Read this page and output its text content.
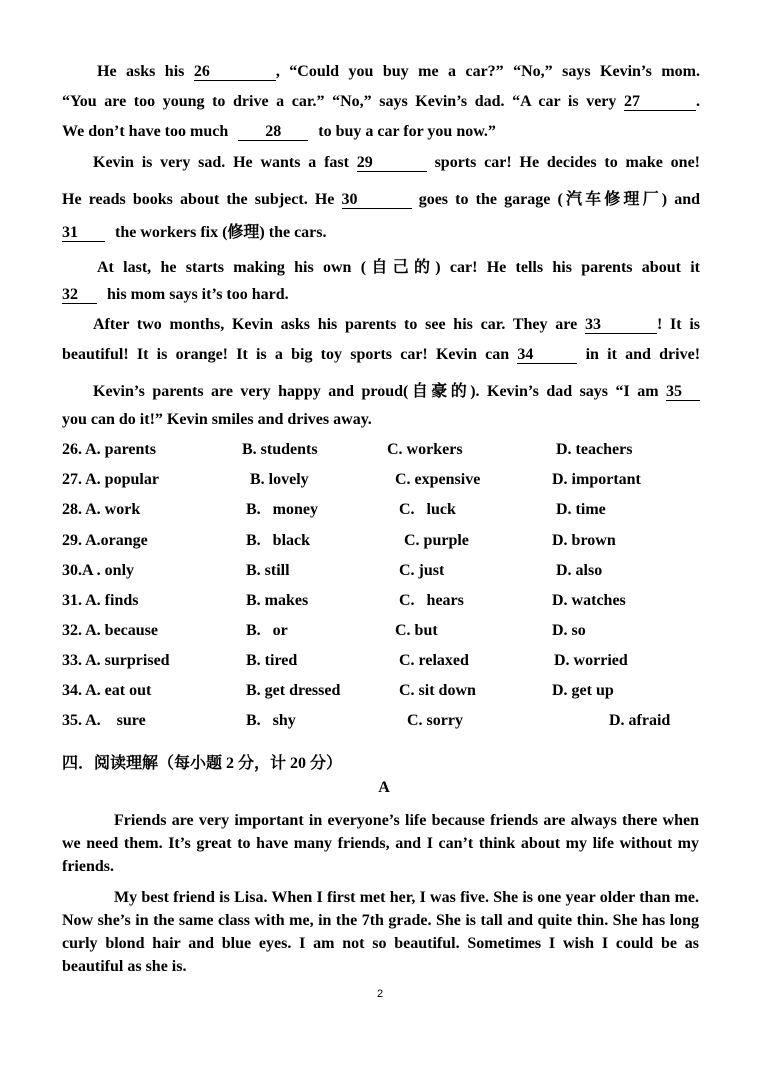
He asks his 26	, “Could you buy me a car?” “No,” says Kevin’s mom.
“You are too young to drive a car.” “No,” says Kevin’s dad. “A car is very 27	.
We don’t have too much 28 to buy a car for you now.”
Kevin is very sad. He wants a fast 29	sports car! He decides to make one!
He reads books about the subject. He 30	goes to the garage (汽车修理厂) and
31 the workers fix (修理) the cars.
At last, he starts making his own (自己的) car! He tells his parents about it
32 his mom says it’s too hard.
After two months, Kevin asks his parents to see his car. They are 33	! It is
beautiful! It is orange! It is a big toy sports car! Kevin can 34	in it and drive!
Kevin’s parents are very happy and proud(自豪的). Kevin’s dad says “I am 35
you can do it!” Kevin smiles and drives away.
26. A. parents	B. students	C. workers	D. teachers
27. A. popular	B. lovely	C. expensive	D. important
28. A. work	B.   money	C.   luck	D. time
29. A.orange	B.   black	C. purple	D. brown
30.A . only	B. still	C. just	D. also
31. A. finds	B. makes	C.   hears	D. watches
32. A. because	B.   or	C. but	D. so
33. A. surprised	B. tired	C. relaxed	D. worried
34. A. eat out	B. get dressed	C. sit down	D. get up
35. A.    sure	B.   shy	C. sorry	D. afraid
四．阅读理解（每小题 2 分，计 20 分）
A
Friends are very important in everyone’s life because friends are always there when we need them. It’s great to have many friends, and I can’t think about my life without my friends.
My best friend is Lisa. When I first met her, I was five. She is one year older than me. Now she’s in the same class with me, in the 7th grade. She is tall and quite thin. She has long curly blond hair and blue eyes. I am not so beautiful. Sometimes I wish I could be as beautiful as she is.
2
